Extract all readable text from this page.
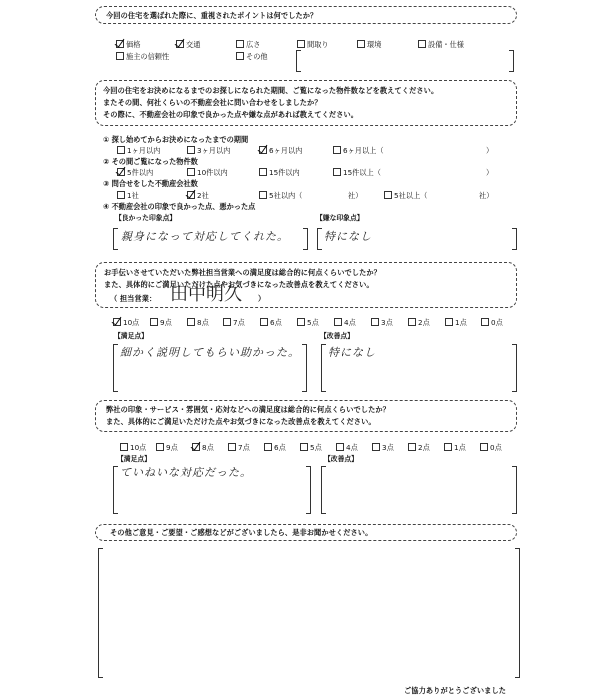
今回の住宅を選ばれた際に、重視されたポイントは何でしたか？
価格	交通	広さ	間取り	環境	設備・仕様
施主の信頼性	その他
今回の住宅をお決めになるまでのお探しになられた期間、ご覧になった物件数などを教えてください。
またその間、何社くらいの不動産会社に問い合わせをしましたか？
その際に、不動産会社の印象で良かった点や嫌な点があれば教えてください。
① 探し始めてからお決めになったまでの期間
1ヶ月以内	3ヶ月以内	6ヶ月以内	6ヶ月以上（	）
② その間ご覧になった物件数
5件以内	10件以内	15件以内	15件以上（	）
③ 問合せをした不動産会社数
1社	2社	5社以内（	社）	5社以上（	社）
④ 不動産会社の印象で良かった点、悪かった点
【良かった印象点】	【嫌な印象点】
親身になって対応してくれた。	特になし
お手伝いさせていただいた弊社担当営業への満足度は総合的に何点くらいでしたか？
また、具体的にご満足いただけた点やお気づきになった改善点を教えてください。
（ 担当営業： 田中明久 ）
10点	9点	8点	7点	6点	5点	4点	3点	2点	1点	0点
【満足点】	【改善点】
細かく説明してもらい助かった。	特になし
弊社の印象・サービス・雰囲気・応対などへの満足度は総合的に何点くらいでしたか？
また、具体的にご満足いただけた点やお気づきになった改善点を教えてください。
10点	9点	8点	7点	6点	5点	4点	3点	2点	1点	0点
【満足点】	【改善点】
ていねいな対応だった。
その他ご意見・ご要望・ご感想などがございましたら、是非お聞かせください。
ご協力ありがとうございました
